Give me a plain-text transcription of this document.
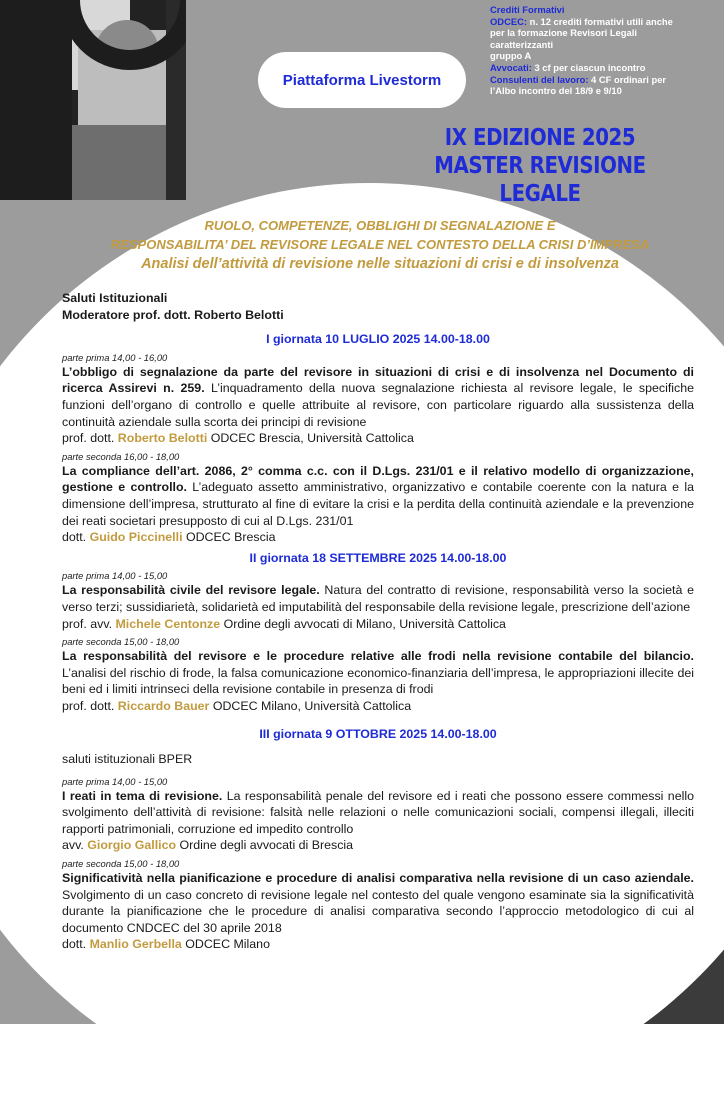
Piattaforma Livestorm
Crediti Formativi
ODCEC: n. 12 crediti formativi utili anche
per la formazione Revisori Legali
caratterizzanti
gruppo A
Avvocati: 3 cf per ciascun incontro
Consulenti del lavoro: 4 CF ordinari per
l’Albo incontro del 18/9 e 9/10
IX EDIZIONE 2025
MASTER REVISIONE LEGALE
RUOLO, COMPETENZE, OBBLIGHI DI SEGNALAZIONE E
RESPONSABILITA’ DEL REVISORE LEGALE NEL CONTESTO DELLA CRISI D’IMPRESA
Analisi dell’attività di revisione nelle situazioni di crisi e di insolvenza

Saluti Istituzionali

Moderatore prof. dott. Roberto Belotti

I giornata 10 LUGLIO 2025 14.00-18.00

parte prima 14,00 - 16,00

L’obbligo di segnalazione da parte del revisore in situazioni di crisi e di insolvenza nel Documento di ricerca Assirevi n. 259. L’inquadramento della nuova segnalazione richiesta al revisore legale, le specifiche funzioni dell’organo di controllo e quelle attribuite al revisore, con particolare riguardo alla sussistenza della continuità aziendale sulla scorta dei principi di revisione

prof. dott. Roberto Belotti ODCEC Brescia, Università Cattolica

parte seconda 16,00 - 18,00

La compliance dell’art. 2086, 2° comma c.c. con il D.Lgs. 231/01 e il relativo modello di organizzazione, gestione e controllo. L’adeguato assetto amministrativo, organizzativo e contabile coerente con la natura e la dimensione dell’impresa, strutturato al fine di evitare la crisi e la perdita della continuità aziendale e la prevenzione dei reati societari presupposto di cui al D.Lgs. 231/01

dott. Guido Piccinelli ODCEC Brescia

II giornata 18 SETTEMBRE 2025 14.00-18.00

parte prima 14,00 - 15,00

La responsabilità civile del revisore legale. Natura del contratto di revisione, responsabilità verso la società e verso terzi; sussidiarietà, solidarietà ed imputabilità del responsabile della revisione legale, prescrizione dell’azione

prof. avv. Michele Centonze Ordine degli avvocati di Milano, Università Cattolica

parte seconda 15,00 - 18,00

La responsabilità del revisore e le procedure relative alle frodi nella revisione contabile del bilancio. L’analisi del rischio di frode, la falsa comunicazione economico-finanziaria dell’impresa, le appropriazioni illecite dei beni ed i limiti intrinseci della revisione contabile in presenza di frodi

prof. dott. Riccardo Bauer ODCEC Milano, Università Cattolica

III giornata 9 OTTOBRE 2025 14.00-18.00

saluti istituzionali BPER

parte prima 14,00 - 15,00

I reati in tema di revisione. La responsabilità penale del revisore ed i reati che possono essere commessi nello svolgimento dell’attività di revisione: falsità nelle relazioni o nelle comunicazioni sociali, compensi illegali, illeciti rapporti patrimoniali, corruzione ed impedito controllo

avv. Giorgio Gallico Ordine degli avvocati di Brescia

parte seconda 15,00 - 18,00

Significatività nella pianificazione e procedure di analisi comparativa nella revisione di un caso aziendale. Svolgimento di un caso concreto di revisione legale nel contesto del quale vengono esaminate sia la significatività durante la pianificazione che le procedure di analisi comparativa secondo l’approccio metodologico di cui al documento CNDCEC del 30 aprile 2018

dott. Manlio Gerbella ODCEC Milano
